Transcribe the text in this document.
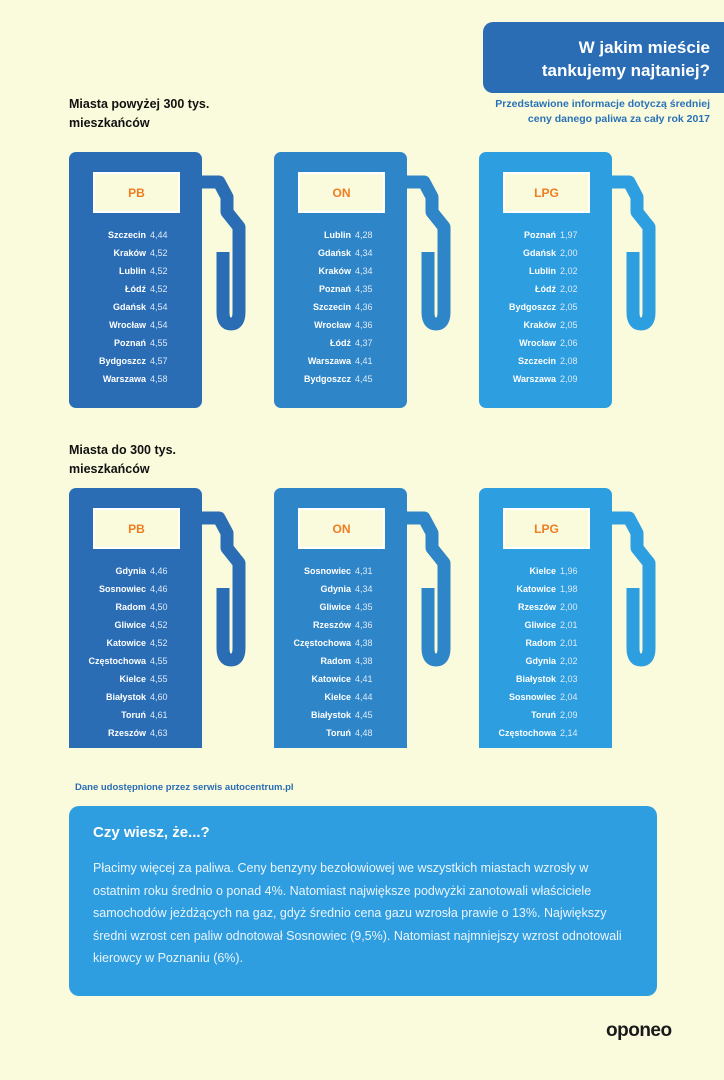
W jakim mieście
tankujemy najtaniej?
Przedstawione informacje dotyczą średniej
ceny danego paliwa za cały rok 2017
Miasta powyżej 300 tys.
mieszkańców
Miasta do 300 tys.
mieszkańców
PB
Szczecin 4,44
Kraków 4,52
Lublin 4,52
Łódź 4,52
Gdańsk 4,54
Wrocław 4,54
Poznań 4,55
Bydgoszcz 4,57
Warszawa 4,58
ON
Lublin 4,28
Gdańsk 4,34
Kraków 4,34
Poznań 4,35
Szczecin 4,36
Wrocław 4,36
Łódź 4,37
Warszawa 4,41
Bydgoszcz 4,45
LPG
Poznań 1,97
Gdańsk 2,00
Lublin 2,02
Łódź 2,02
Bydgoszcz 2,05
Kraków 2,05
Wrocław 2,06
Szczecin 2,08
Warszawa 2,09
PB
Gdynia 4,46
Sosnowiec 4,46
Radom 4,50
Gliwice 4,52
Katowice 4,52
Częstochowa 4,55
Kielce 4,55
Białystok 4,60
Toruń 4,61
Rzeszów 4,63
ON
Sosnowiec 4,31
Gdynia 4,34
Gliwice 4,35
Rzeszów 4,36
Częstochowa 4,38
Radom 4,38
Katowice 4,41
Kielce 4,44
Białystok 4,45
Toruń 4,48
LPG
Kielce 1,96
Katowice 1,98
Rzeszów 2,00
Gliwice 2,01
Radom 2,01
Gdynia 2,02
Białystok 2,03
Sosnowiec 2,04
Toruń 2,09
Częstochowa 2,14
Dane udostępnione przez serwis autocentrum.pl
Czy wiesz, że...?
Płacimy więcej za paliwa. Ceny benzyny bezołowiowej we wszystkich miastach wzrosły w ostatnim roku średnio o ponad 4%. Natomiast największe podwyżki zanotowali właściciele samochodów jeżdżących na gaz, gdyż średnio cena gazu wzrosła prawie o 13%. Największy średni wzrost cen paliw odnotował Sosnowiec (9,5%). Natomiast najmniejszy wzrost odnotowali kierowcy w Poznaniu (6%).
oponeo
